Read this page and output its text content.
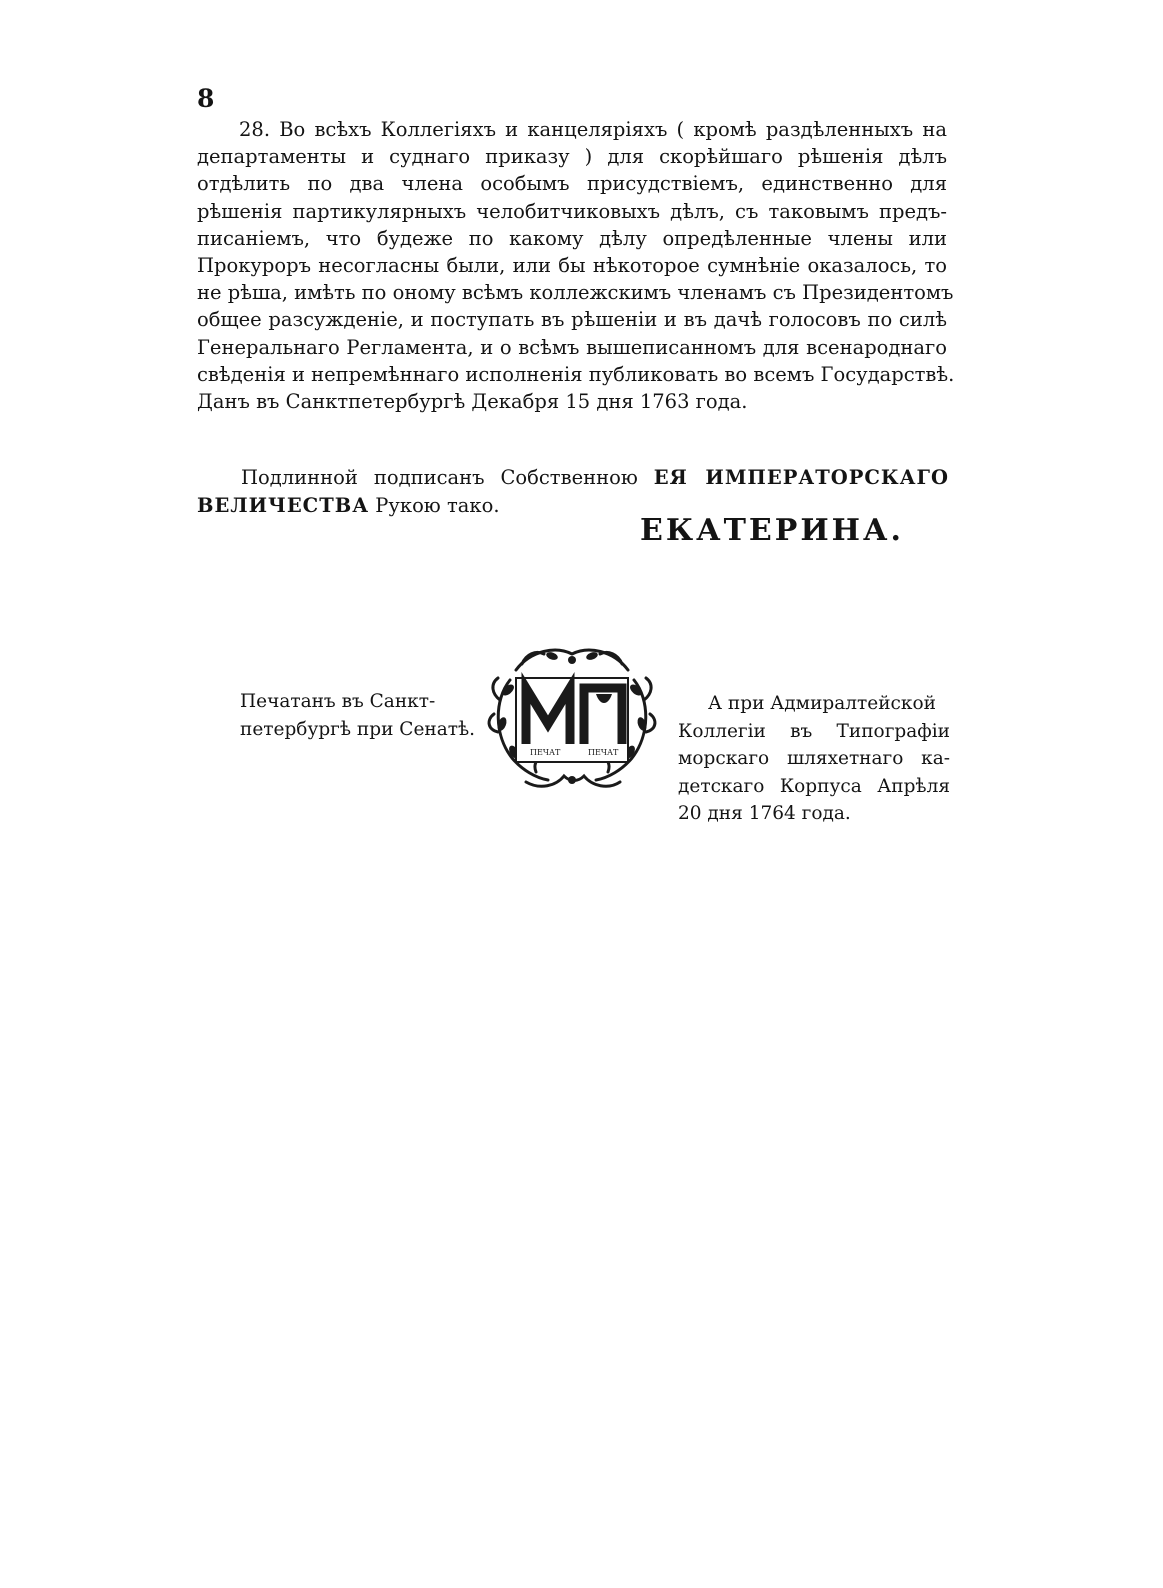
8
28. Во всѣхъ Коллегiяхъ и канцелярiяхъ ( кромѣ раздѣленныхъ на
департаменты и суднаго приказу ) для скорѣйшаго рѣшенiя дѣлъ
отдѣлить по два члена особымъ присудствiемъ, единственно для
рѣшенiя партикулярныхъ челобитчиковыхъ дѣлъ, съ таковымъ предъ-
писанiемъ, что будеже по какому дѣлу опредѣленные члены или
Прокуроръ несогласны были, или бы нѣкоторое сумнѣнiе оказалось, то
не рѣша, имѣть по оному всѣмъ коллежскимъ членамъ съ Президентомъ
общее разсужденiе, и поступать въ рѣшенiи и въ дачѣ голосовъ по силѣ
Генеральнаго Регламента, и о всѣмъ вышеписанномъ для всенароднаго
свѣденiя и непремѣннаго исполненiя публиковать во всемъ Государствѣ.
Данъ въ Санктпетербургѣ Декабря 15 дня 1763 года.
Подлинной подписанъ Собственною ЕЯ ИМПЕРАТОРСКАГО
ВЕЛИЧЕСТВА Рукою тако.
ЕКАТЕРИНА.
Печатанъ въ Санкт-
петербургѣ при Сенатѣ.
ПЕЧАТ	ПЕЧАТ
А при Адмиралтейской
Коллегiи въ Типографiи
морскаго шляхетнаго ка-
детскаго Корпуса Апрѣля
20 дня 1764 года.
